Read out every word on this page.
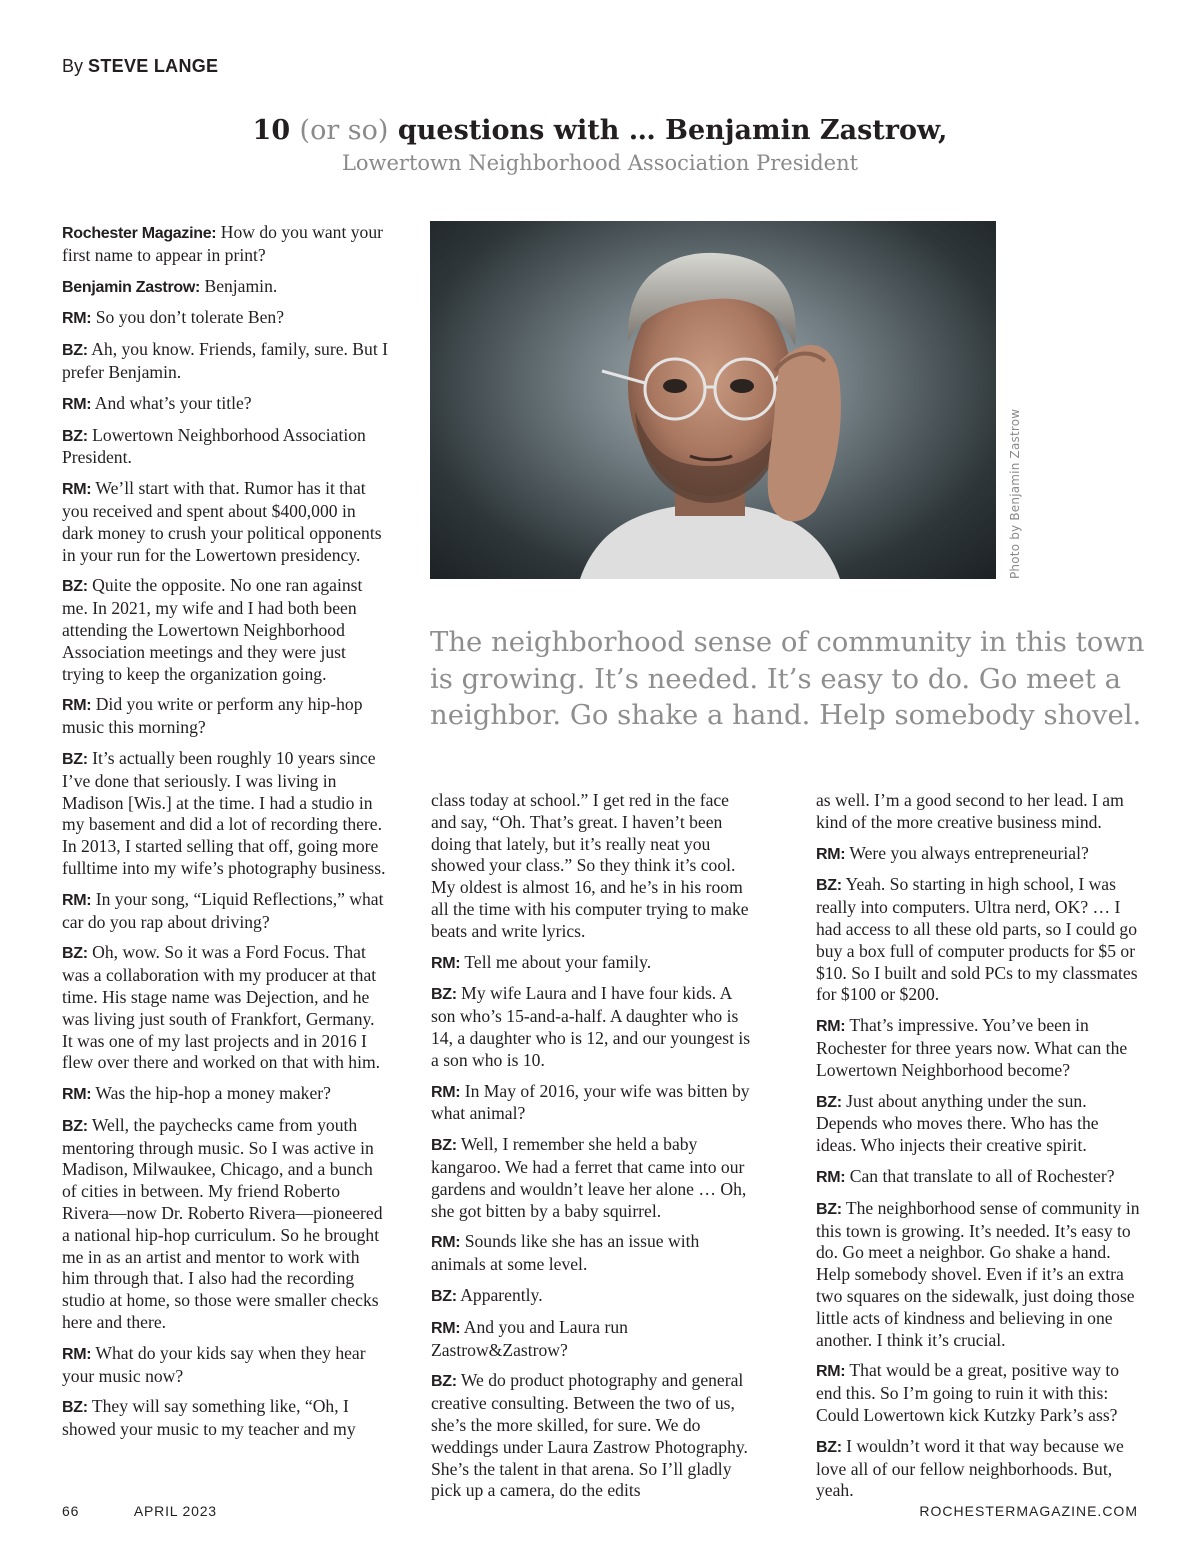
By STEVE LANGE
10 (or so) questions with … Benjamin Zastrow,
Lowertown Neighborhood Association President
Photo by Benjamin Zastrow
The neighborhood sense of community in this town is growing. It’s needed. It’s easy to do. Go meet a neighbor. Go shake a hand. Help somebody shovel.

Rochester Magazine: How do you want your first name to appear in print?

Benjamin Zastrow: Benjamin.

RM: So you don’t tolerate Ben?

BZ: Ah, you know. Friends, family, sure. But I prefer Benjamin.

RM: And what’s your title?

BZ: Lowertown Neighborhood Association President.

RM: We’ll start with that. Rumor has it that you received and spent about $400,000 in dark money to crush your political opponents in your run for the Lowertown presidency.

BZ: Quite the opposite. No one ran against me. In 2021, my wife and I had both been attending the Lowertown Neighborhood Association meetings and they were just trying to keep the organization going.

RM: Did you write or perform any hip-hop music this morning?

BZ: It’s actually been roughly 10 years since I’ve done that seriously. I was living in Madison [Wis.] at the time. I had a studio in my basement and did a lot of recording there. In 2013, I started selling that off, going more fulltime into my wife’s photography business.

RM: In your song, “Liquid Reflections,” what car do you rap about driving?

BZ: Oh, wow. So it was a Ford Focus. That was a collaboration with my producer at that time. His stage name was Dejection, and he was living just south of Frankfort, Germany. It was one of my last projects and in 2016 I flew over there and worked on that with him.

RM: Was the hip-hop a money maker?

BZ: Well, the paychecks came from youth mentoring through music. So I was active in Madison, Milwaukee, Chicago, and a bunch of cities in between. My friend Roberto Rivera—now Dr. Roberto Rivera—pioneered a national hip-hop curriculum. So he brought me in as an artist and mentor to work with him through that. I also had the recording studio at home, so those were smaller checks here and there.

RM: What do your kids say when they hear your music now?

BZ: They will say something like, “Oh, I showed your music to my teacher and my

class today at school.” I get red in the face and say, “Oh. That’s great. I haven’t been doing that lately, but it’s really neat you showed your class.” So they think it’s cool. My oldest is almost 16, and he’s in his room all the time with his computer trying to make beats and write lyrics.

RM: Tell me about your family.

BZ: My wife Laura and I have four kids. A son who’s 15-and-a-half. A daughter who is 14, a daughter who is 12, and our youngest is a son who is 10.

RM: In May of 2016, your wife was bitten by what animal?

BZ: Well, I remember she held a baby kangaroo. We had a ferret that came into our gardens and wouldn’t leave her alone … Oh, she got bitten by a baby squirrel.

RM: Sounds like she has an issue with animals at some level.

BZ: Apparently.

RM: And you and Laura run Zastrow&Zastrow?

BZ: We do product photography and general creative consulting. Between the two of us, she’s the more skilled, for sure. We do weddings under Laura Zastrow Photography. She’s the talent in that arena. So I’ll gladly pick up a camera, do the edits

as well. I’m a good second to her lead. I am kind of the more creative business mind.

RM: Were you always entrepreneurial?

BZ: Yeah. So starting in high school, I was really into computers. Ultra nerd, OK? … I had access to all these old parts, so I could go buy a box full of computer products for $5 or $10. So I built and sold PCs to my classmates for $100 or $200.

RM: That’s impressive. You’ve been in Rochester for three years now. What can the Lowertown Neighborhood become?

BZ: Just about anything under the sun. Depends who moves there. Who has the ideas. Who injects their creative spirit.

RM: Can that translate to all of Rochester?

BZ: The neighborhood sense of community in this town is growing. It’s needed. It’s easy to do. Go meet a neighbor. Go shake a hand. Help somebody shovel. Even if it’s an extra two squares on the sidewalk, just doing those little acts of kindness and believing in one another. I think it’s crucial.

RM: That would be a great, positive way to end this. So I’m going to ruin it with this: Could Lowertown kick Kutzky Park’s ass?

BZ: I wouldn’t word it that way because we love all of our fellow neighborhoods. But, yeah.

66	APRIL 2023	ROCHESTERMAGAZINE.COM
